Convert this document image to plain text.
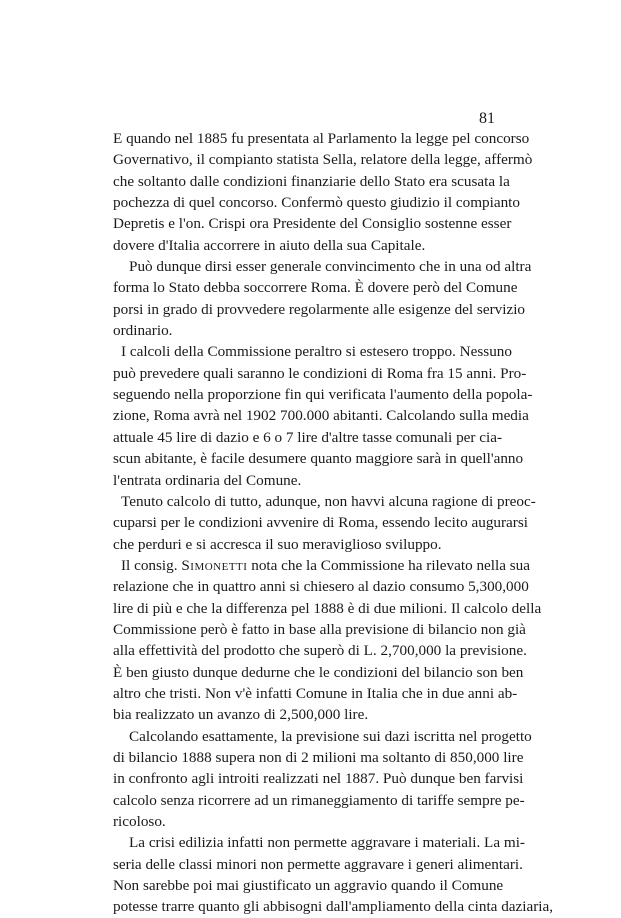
81
E quando nel 1885 fu presentata al Parlamento la legge pel concorso
Governativo, il compianto statista Sella, relatore della legge, affermò
che soltanto dalle condizioni finanziarie dello Stato era scusata la
pochezza di quel concorso. Confermò questo giudizio il compianto
Depretis e l'on. Crispi ora Presidente del Consiglio sostenne esser
dovere d'Italia accorrere in aiuto della sua Capitale.
Può dunque dirsi esser generale convincimento che in una od altra
forma lo Stato debba soccorrere Roma. È dovere però del Comune
porsi in grado di provvedere regolarmente alle esigenze del servizio
ordinario.
I calcoli della Commissione peraltro si estesero troppo. Nessuno
può prevedere quali saranno le condizioni di Roma fra 15 anni. Pro-
seguendo nella proporzione fin qui verificata l'aumento della popola-
zione, Roma avrà nel 1902 700.000 abitanti. Calcolando sulla media
attuale 45 lire di dazio e 6 o 7 lire d'altre tasse comunali per cia-
scun abitante, è facile desumere quanto maggiore sarà in quell'anno
l'entrata ordinaria del Comune.
Tenuto calcolo di tutto, adunque, non havvi alcuna ragione di preoc-
cuparsi per le condizioni avvenire di Roma, essendo lecito augurarsi
che perduri e si accresca il suo meraviglioso sviluppo.
Il consig. Simonetti nota che la Commissione ha rilevato nella sua
relazione che in quattro anni si chiesero al dazio consumo 5,300,000
lire di più e che la differenza pel 1888 è di due milioni. Il calcolo della
Commissione però è fatto in base alla previsione di bilancio non già
alla effettività del prodotto che superò di L. 2,700,000 la previsione.
È ben giusto dunque dedurne che le condizioni del bilancio son ben
altro che tristi. Non v'è infatti Comune in Italia che in due anni ab-
bia realizzato un avanzo di 2,500,000 lire.
Calcolando esattamente, la previsione sui dazi iscritta nel progetto
di bilancio 1888 supera non di 2 milioni ma soltanto di 850,000 lire
in confronto agli introiti realizzati nel 1887. Può dunque ben farvisi
calcolo senza ricorrere ad un rimaneggiamento di tariffe sempre pe-
ricoloso.
La crisi edilizia infatti non permette aggravare i materiali. La mi-
seria delle classi minori non permette aggravare i generi alimentari.
Non sarebbe poi mai giustificato un aggravio quando il Comune
potesse trarre quanto gli abbisogni dall'ampliamento della cinta daziaria,
